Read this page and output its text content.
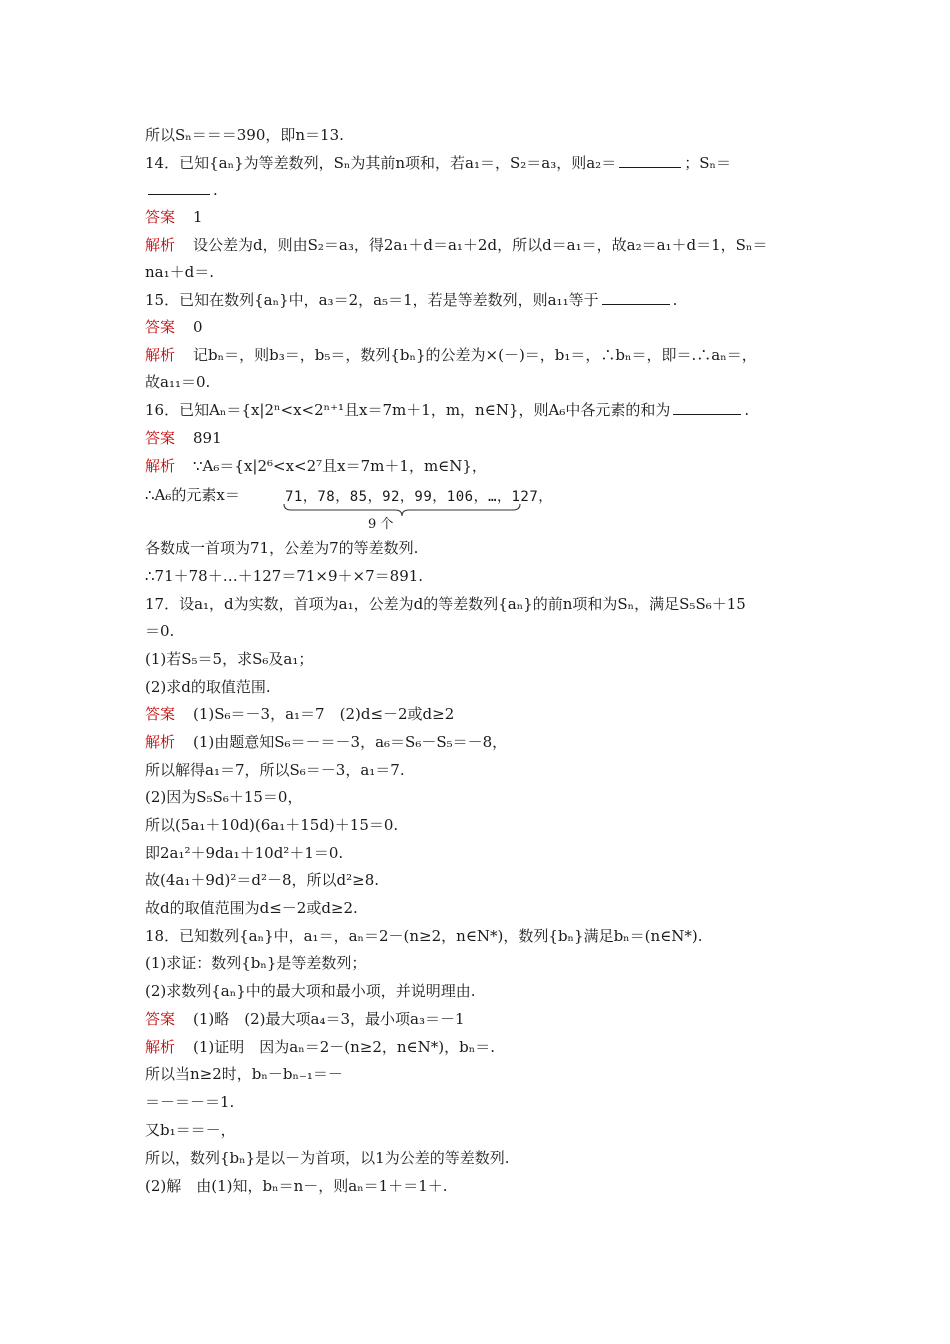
所以Sₙ＝＝＝390，即n＝13.
14．已知{aₙ}为等差数列，Sₙ为其前n项和，若a₁＝，S₂＝a₃，则a₂＝	；Sₙ＝
.
答案 1
解析 设公差为d，则由S₂＝a₃，得2a₁＋d＝a₁＋2d，所以d＝a₁＝，故a₂＝a₁＋d＝1，Sₙ＝
na₁＋d＝.
15．已知在数列{aₙ}中，a₃＝2，a₅＝1，若是等差数列，则a₁₁等于	.
答案 0
解析 记bₙ＝，则b₃＝，b₅＝，数列{bₙ}的公差为×(－)＝，b₁＝，∴bₙ＝，即＝.∴aₙ＝，
故a₁₁＝0.
16．已知Aₙ＝{x|2ⁿ<x<2ⁿ⁺¹且x＝7m＋1，m，n∈N}，则A₆中各元素的和为	.
答案 891
解析 ∵A₆＝{x|2⁶<x<2⁷且x＝7m＋1，m∈N}，
∴A₆的元素x＝	71，78，85，92，99，106，…，127，
9 个
各数成一首项为71，公差为7的等差数列.
∴71＋78＋…＋127＝71×9＋×7＝891.
17．设a₁，d为实数，首项为a₁，公差为d的等差数列{aₙ}的前n项和为Sₙ，满足S₅S₆＋15
＝0.
(1)若S₅＝5，求S₆及a₁；
(2)求d的取值范围.
答案 (1)S₆＝－3，a₁＝7　(2)d≤－2或d≥2
解析 (1)由题意知S₆＝－＝－3，a₆＝S₆－S₅＝－8，
所以解得a₁＝7，所以S₆＝－3，a₁＝7.
(2)因为S₅S₆＋15＝0，
所以(5a₁＋10d)(6a₁＋15d)＋15＝0.
即2a₁²＋9da₁＋10d²＋1＝0.
故(4a₁＋9d)²＝d²－8，所以d²≥8.
故d的取值范围为d≤－2或d≥2.
18．已知数列{aₙ}中，a₁＝，aₙ＝2－(n≥2，n∈N*)，数列{bₙ}满足bₙ＝(n∈N*).
(1)求证：数列{bₙ}是等差数列；
(2)求数列{aₙ}中的最大项和最小项，并说明理由.
答案 (1)略　(2)最大项a₄＝3，最小项a₃＝－1
解析 (1)证明　因为aₙ＝2－(n≥2，n∈N*)，bₙ＝.
所以当n≥2时，bₙ－bₙ₋₁＝－
＝－＝－＝1.
又b₁＝＝－，
所以，数列{bₙ}是以－为首项，以1为公差的等差数列.
(2)解　由(1)知，bₙ＝n－，则aₙ＝1＋＝1＋.
